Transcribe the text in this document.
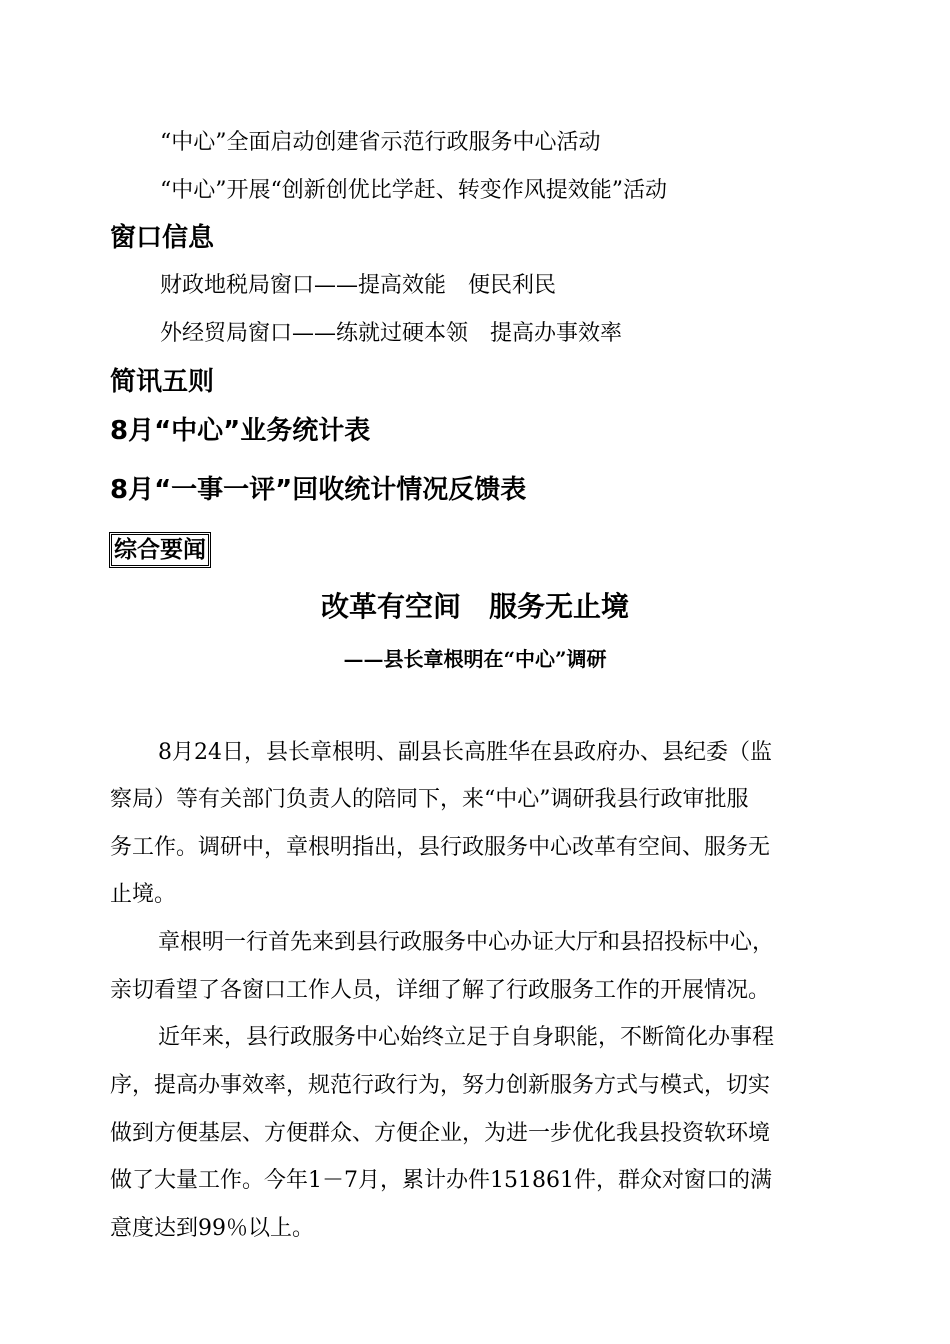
“中心”全面启动创建省示范行政服务中心活动
“中心”开展“创新创优比学赶、转变作风提效能”活动
窗口信息
财政地税局窗口——提高效能　便民利民
外经贸局窗口——练就过硬本领　提高办事效率
简讯五则
8月“中心”业务统计表
8月“一事一评”回收统计情况反馈表
综合要闻
改革有空间　服务无止境
——县长章根明在“中心”调研
8月24日，县长章根明、副县长高胜华在县政府办、县纪委（监
察局）等有关部门负责人的陪同下，来“中心”调研我县行政审批服
务工作。调研中，章根明指出，县行政服务中心改革有空间、服务无
止境。
章根明一行首先来到县行政服务中心办证大厅和县招投标中心，
亲切看望了各窗口工作人员，详细了解了行政服务工作的开展情况。
近年来，县行政服务中心始终立足于自身职能，不断简化办事程
序，提高办事效率，规范行政行为，努力创新服务方式与模式，切实
做到方便基层、方便群众、方便企业，为进一步优化我县投资软环境
做了大量工作。今年1－7月，累计办件151861件，群众对窗口的满
意度达到99％以上。
